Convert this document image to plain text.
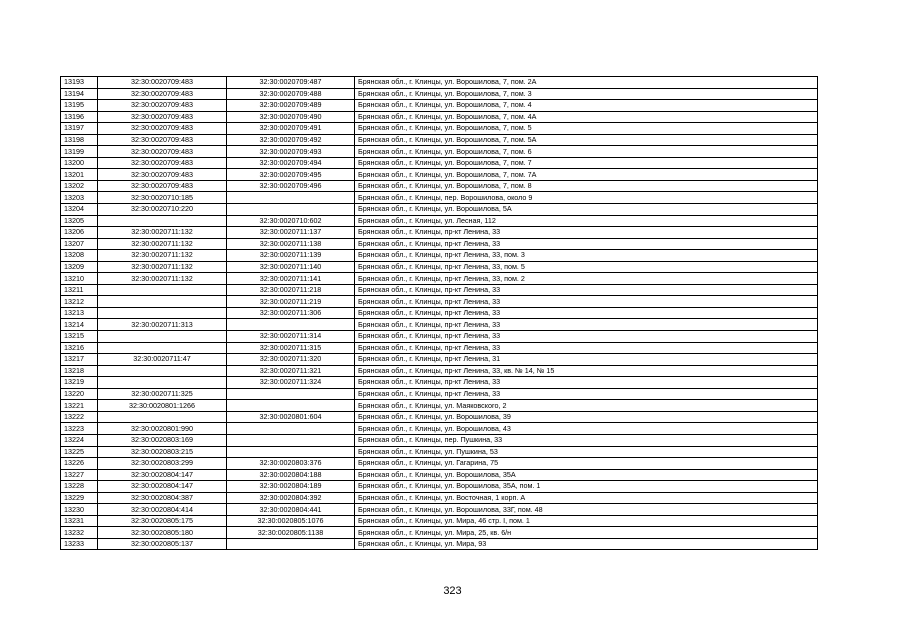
13193	32:30:0020709:483	32:30:0020709:487	Брянская обл., г. Клинцы, ул. Ворошилова, 7, пом. 2А
13194	32:30:0020709:483	32:30:0020709:488	Брянская обл., г. Клинцы, ул. Ворошилова, 7, пом. 3
13195	32:30:0020709:483	32:30:0020709:489	Брянская обл., г. Клинцы, ул. Ворошилова, 7, пом. 4
13196	32:30:0020709:483	32:30:0020709:490	Брянская обл., г. Клинцы, ул. Ворошилова, 7, пом. 4А
13197	32:30:0020709:483	32:30:0020709:491	Брянская обл., г. Клинцы, ул. Ворошилова, 7, пом. 5
13198	32:30:0020709:483	32:30:0020709:492	Брянская обл., г. Клинцы, ул. Ворошилова, 7, пом. 5А
13199	32:30:0020709:483	32:30:0020709:493	Брянская обл., г. Клинцы, ул. Ворошилова, 7, пом. 6
13200	32:30:0020709:483	32:30:0020709:494	Брянская обл., г. Клинцы, ул. Ворошилова, 7, пом. 7
13201	32:30:0020709:483	32:30:0020709:495	Брянская обл., г. Клинцы, ул. Ворошилова, 7, пом. 7А
13202	32:30:0020709:483	32:30:0020709:496	Брянская обл., г. Клинцы, ул. Ворошилова, 7, пом. 8
13203	32:30:0020710:185		Брянская обл., г. Клинцы, пер. Ворошилова, около 9
13204	32:30:0020710:220		Брянская обл., г. Клинцы, ул. Ворошилова, 5А
13205		32:30:0020710:602	Брянская обл., г. Клинцы, ул. Лесная, 112
13206	32:30:0020711:132	32:30:0020711:137	Брянская обл., г. Клинцы, пр-кт Ленина, 33
13207	32:30:0020711:132	32:30:0020711:138	Брянская обл., г. Клинцы, пр-кт Ленина, 33
13208	32:30:0020711:132	32:30:0020711:139	Брянская обл., г. Клинцы, пр-кт Ленина, 33, пом. 3
13209	32:30:0020711:132	32:30:0020711:140	Брянская обл., г. Клинцы, пр-кт Ленина, 33, пом. 5
13210	32:30:0020711:132	32:30:0020711:141	Брянская обл., г. Клинцы, пр-кт Ленина, 33, пом. 2
13211		32:30:0020711:218	Брянская обл., г. Клинцы, пр-кт Ленина, 33
13212		32:30:0020711:219	Брянская обл., г. Клинцы, пр-кт Ленина, 33
13213		32:30:0020711:306	Брянская обл., г. Клинцы, пр-кт Ленина, 33
13214	32:30:0020711:313		Брянская обл., г. Клинцы, пр-кт Ленина, 33
13215		32:30:0020711:314	Брянская обл., г. Клинцы, пр-кт Ленина, 33
13216		32:30:0020711:315	Брянская обл., г. Клинцы, пр-кт Ленина, 33
13217	32:30:0020711:47	32:30:0020711:320	Брянская обл., г. Клинцы, пр-кт Ленина, 31
13218		32:30:0020711:321	Брянская обл., г. Клинцы, пр-кт Ленина, 33, кв. № 14, № 15
13219		32:30:0020711:324	Брянская обл., г. Клинцы, пр-кт Ленина, 33
13220	32:30:0020711:325		Брянская обл., г. Клинцы, пр-кт Ленина, 33
13221	32:30:0020801:1266		Брянская обл., г. Клинцы, ул. Маяковского, 2
13222		32:30:0020801:604	Брянская обл., г. Клинцы, ул. Ворошилова, 39
13223	32:30:0020801:990		Брянская обл., г. Клинцы, ул. Ворошилова, 43
13224	32:30:0020803:169		Брянская обл., г. Клинцы, пер. Пушкина, 33
13225	32:30:0020803:215		Брянская обл., г. Клинцы, ул. Пушкина, 53
13226	32:30:0020803:299	32:30:0020803:376	Брянская обл., г. Клинцы, ул. Гагарина, 75
13227	32:30:0020804:147	32:30:0020804:188	Брянская обл., г. Клинцы, ул. Ворошилова, 35А
13228	32:30:0020804:147	32:30:0020804:189	Брянская обл., г. Клинцы, ул. Ворошилова, 35А, пом. 1
13229	32:30:0020804:387	32:30:0020804:392	Брянская обл., г. Клинцы, ул. Восточная, 1 корп. А
13230	32:30:0020804:414	32:30:0020804:441	Брянская обл., г. Клинцы, ул. Ворошилова, 33Г, пом. 48
13231	32:30:0020805:175	32:30:0020805:1076	Брянская обл., г. Клинцы, ул. Мира, 46 стр. I, пом. 1
13232	32:30:0020805:180	32:30:0020805:1138	Брянская обл., г. Клинцы, ул. Мира, 25, кв. 6/н
13233	32:30:0020805:137		Брянская обл., г. Клинцы, ул. Мира, 93
323
